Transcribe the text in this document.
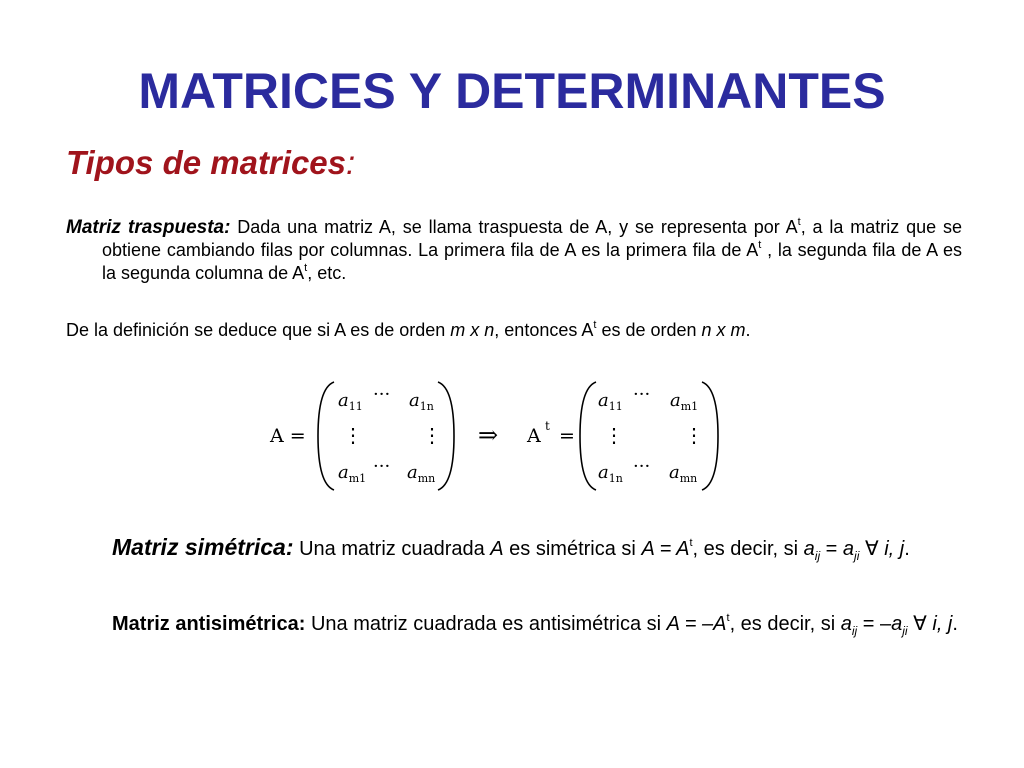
MATRICES Y DETERMINANTES
Tipos de matrices:
Matriz traspuesta: Dada una matriz A, se llama traspuesta de A, y se representa por $A^t$, a la matriz que se obtiene cambiando filas por columnas. La primera fila de A es la primera fila de $A^t$ , la segunda fila de A es la segunda columna de $A^t$, etc.
De la definición se deduce que si A es de orden m x n, entonces $A^t$ es de orden n x m.
A =
$a_{11}$
··· $a_{1n}$
⋮	⋮
$a_{m1}$
··· $a_{mn}$
⇒ A t =
$a_{11}$
··· $a_{m1}$
⋮	⋮
$a_{1n}$
··· $a_{mn}$
Matriz simétrica: Una matriz cuadrada A es simétrica si $A = A^t$, es decir, si $a_{ij} = a_{ji}$ ∀ i, j.
Matriz antisimétrica: Una matriz cuadrada es antisimétrica si $A = -A^t$, es decir, si $a_{ij} = -a_{ji}$ ∀ i, j.
